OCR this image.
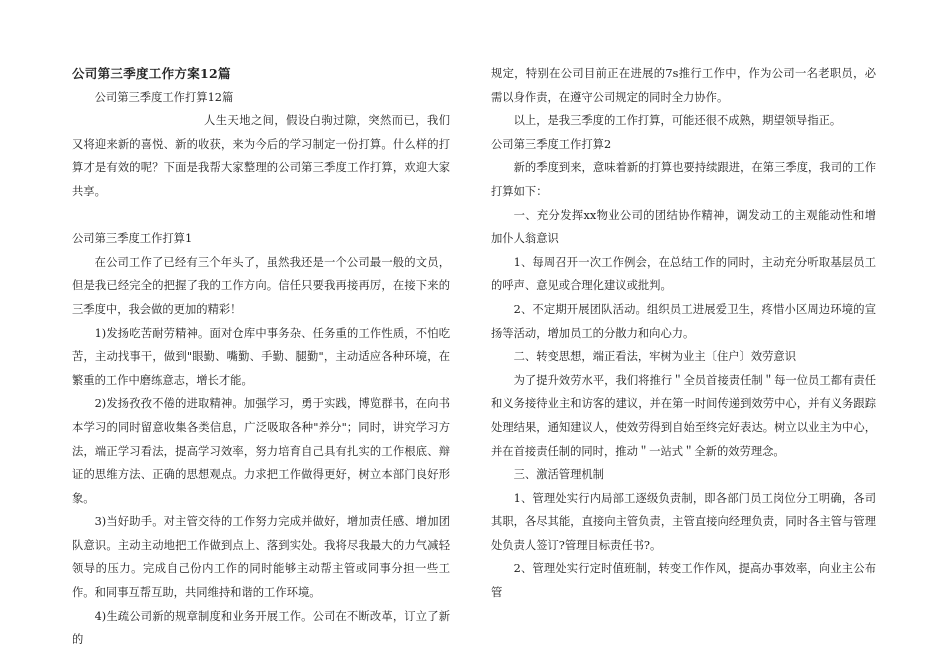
公司第三季度工作方案12篇
公司第三季度工作打算12篇
人生天地之间，假设白驹过隙，突然而已，我们又将迎来新的喜悦、新的收获，来为今后的学习制定一份打算。什么样的打算才是有效的呢？下面是我帮大家整理的公司第三季度工作打算，欢迎大家共享。
公司第三季度工作打算1
在公司工作了已经有三个年头了，虽然我还是一个公司最一般的文员，但是我已经完全的把握了我的工作方向。信任只要我再接再厉，在接下来的三季度中，我会做的更加的精彩！
1)发扬吃苦耐劳精神。面对仓库中事务杂、任务重的工作性质，不怕吃苦，主动找事干，做到"眼勤、嘴勤、手勤、腿勤"，主动适应各种环境，在繁重的工作中磨练意志，增长才能。
2)发扬孜孜不倦的进取精神。加强学习，勇于实践，博览群书，在向书本学习的同时留意收集各类信息，广泛吸取各种"养分"；同时，讲究学习方法，端正学习看法，提高学习效率，努力培育自己具有扎实的工作根底、辩证的思维方法、正确的思想观点。力求把工作做得更好，树立本部门良好形象。
3)当好助手。对主管交待的工作努力完成并做好，增加责任感、增加团队意识。主动主动地把工作做到点上、落到实处。我将尽我最大的力气减轻领导的压力。完成自己份内工作的同时能够主动帮主管或同事分担一些工作。和同事互帮互助，共同维持和谐的工作环境。
4)生疏公司新的规章制度和业务开展工作。公司在不断改革，订立了新的
规定，特别在公司目前正在进展的7s推行工作中，作为公司一名老职员，必需以身作责，在遵守公司规定的同时全力协作。
以上，是我三季度的工作打算，可能还很不成熟，期望领导指正。
公司第三季度工作打算2
新的季度到来，意味着新的打算也要持续跟进，在第三季度，我司的工作打算如下：
一、充分发挥xx物业公司的团结协作精神，调发动工的主观能动性和增加仆人翁意识
1、每周召开一次工作例会，在总结工作的同时，主动充分听取基层员工的呼声、意见或合理化建议或批判。
2、不定期开展团队活动。组织员工进展爱卫生，疼惜小区周边环境的宣扬等活动，增加员工的分散力和向心力。
二、转变思想，端正看法，牢树为业主〔住户〕效劳意识
为了提升效劳水平，我们将推行＂全员首接责任制＂每一位员工都有责任和义务接待业主和访客的建议，并在第一时间传递到效劳中心，并有义务跟踪处理结果，通知建议人，使效劳得到自始至终完好表达。树立以业主为中心，并在首接责任制的同时，推动＂一站式＂全新的效劳理念。
三、激活管理机制
1、管理处实行内局部工逐级负责制，即各部门员工岗位分工明确，各司其职，各尽其能，直接向主管负责，主管直接向经理负责，同时各主管与管理处负责人签订?管理目标责任书?。
2、管理处实行定时值班制，转变工作作风，提高办事效率，向业主公布管
